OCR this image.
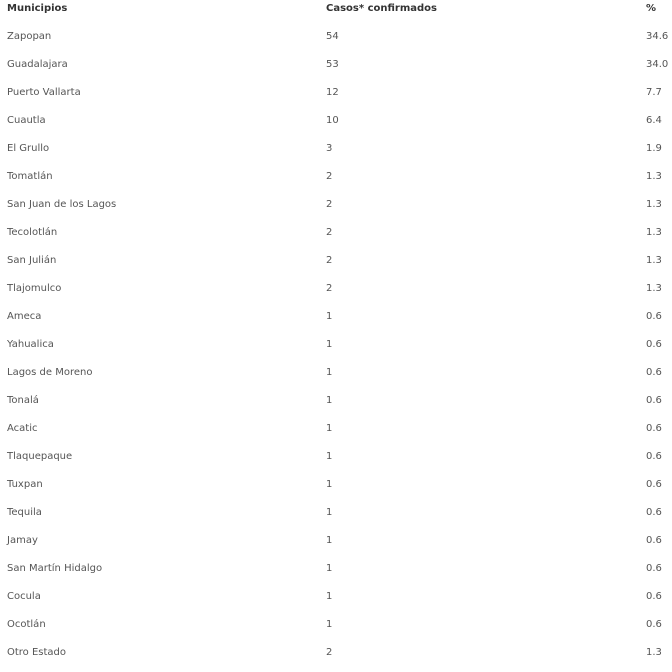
Municipios	Casos* confirmados	%
Zapopan	54	34.6
Guadalajara	53	34.0
Puerto Vallarta	12	7.7
Cuautla	10	6.4
El Grullo	3	1.9
Tomatlán	2	1.3
San Juan de los Lagos	2	1.3
Tecolotlán	2	1.3
San Julián	2	1.3
Tlajomulco	2	1.3
Ameca	1	0.6
Yahualica	1	0.6
Lagos de Moreno	1	0.6
Tonalá	1	0.6
Acatic	1	0.6
Tlaquepaque	1	0.6
Tuxpan	1	0.6
Tequila	1	0.6
Jamay	1	0.6
San Martín Hidalgo	1	0.6
Cocula	1	0.6
Ocotlán	1	0.6
Otro Estado	2	1.3
